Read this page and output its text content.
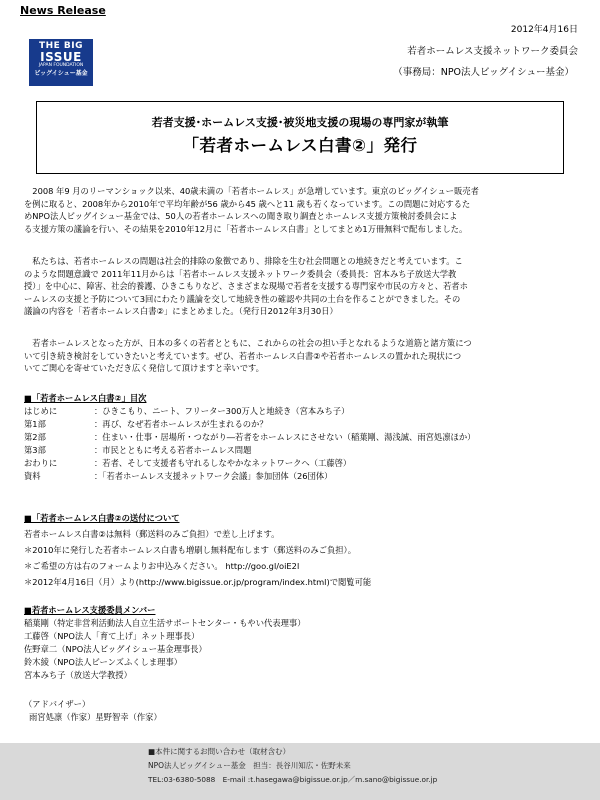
News Release
THE BIG
ISSUE
JAPAN FOUNDATION
ビッグイシュー基金
2012年4月16日
若者ホームレス支援ネットワーク委員会
（事務局：NPO法人ビッグイシュー基金）
若者支援･ホームレス支援･被災地支援の現場の専門家が執筆
「若者ホームレス白書②」発行
　2008 年9 月のリーマンショック以来、40歳未満の「若者ホームレス」が急増しています。東京のビッグイシュー販売者
を例に取ると、2008年から2010年で平均年齢が56 歳から45 歳へと11 歳も若くなっています。この問題に対応するた
めNPO法人ビッグイシュー基金では、50人の若者ホームレスへの聞き取り調査とホームレス支援方策検討委員会によ
る支援方策の議論を行い、その結果を2010年12月に「若者ホームレス白書」としてまとめ1万冊無料で配布しました。
　私たちは、若者ホームレスの問題は社会的排除の象徴であり、排除を生む社会問題との地続きだと考えています。こ
のような問題意識で 2011年11月からは「若者ホームレス支援ネットワーク委員会（委員長：宮本みち子放送大学教
授）」を中心に、障害、社会的養護、ひきこもりなど、さまざまな現場で若者を支援する専門家や市民の方々と、若者ホ
ームレスの支援と予防について3回にわたり議論を交して地続き性の確認や共同の土台を作ることができました。その
議論の内容を「若者ホームレス白書②」にまとめました。（発行日2012年3月30日）
　若者ホームレスとなった方が、日本の多くの若者とともに、これからの社会の担い手となれるような道筋と諸方策につ
いて引き続き検討をしていきたいと考えています。ぜひ、若者ホームレス白書②や若者ホームレスの置かれた現状につ
いてご関心を寄せていただき広く発信して頂けますと幸いです。
■「若者ホームレス白書②」目次
はじめに	：ひきこもり、ニート、フリーター300万人と地続き（宮本みち子）
第1部	：再び、なぜ若者ホームレスが生まれるのか？
第2部	：住まい・仕事・居場所・つながり―若者をホームレスにさせない（稲葉剛、湯浅誠、雨宮処凛ほか）
第3部	：市民とともに考える若者ホームレス問題
おわりに	：若者、そして支援者も守れるしなやかなネットワークへ（工藤啓）
資料	：「若者ホームレス支援ネットワーク会議」参加団体（26団体）
■「若者ホームレス白書②の送付について
若者ホームレス白書②は無料（郵送料のみご負担）で差し上げます。
＊2010年に発行した若者ホームレス白書も増刷し無料配布します（郵送料のみご負担）。
＊ご希望の方は右のフォームよりお申込みください。 http://goo.gl/oiE2l
＊2012年4月16日（月）より(http://www.bigissue.or.jp/program/index.html)で閲覧可能
■若者ホームレス支援委員メンバー
稲葉剛（特定非営利活動法人自立生活サポートセンター・もやい代表理事）
工藤啓（NPO法人「育て上げ」ネット理事長）
佐野章二（NPO法人ビッグイシュー基金理事長）
鈴木綾（NPO法人ビーンズふくしま理事）
宮本みち子（放送大学教授）
（アドバイザー）
雨宮処凛（作家）星野智幸（作家）
■本件に関するお問い合わせ（取材含む）
NPO法人ビッグイシュー基金　担当：長谷川知広・佐野未来
TEL:03-6380-5088　E-mail :t.hasegawa@bigissue.or.jp／m.sano@bigissue.or.jp
